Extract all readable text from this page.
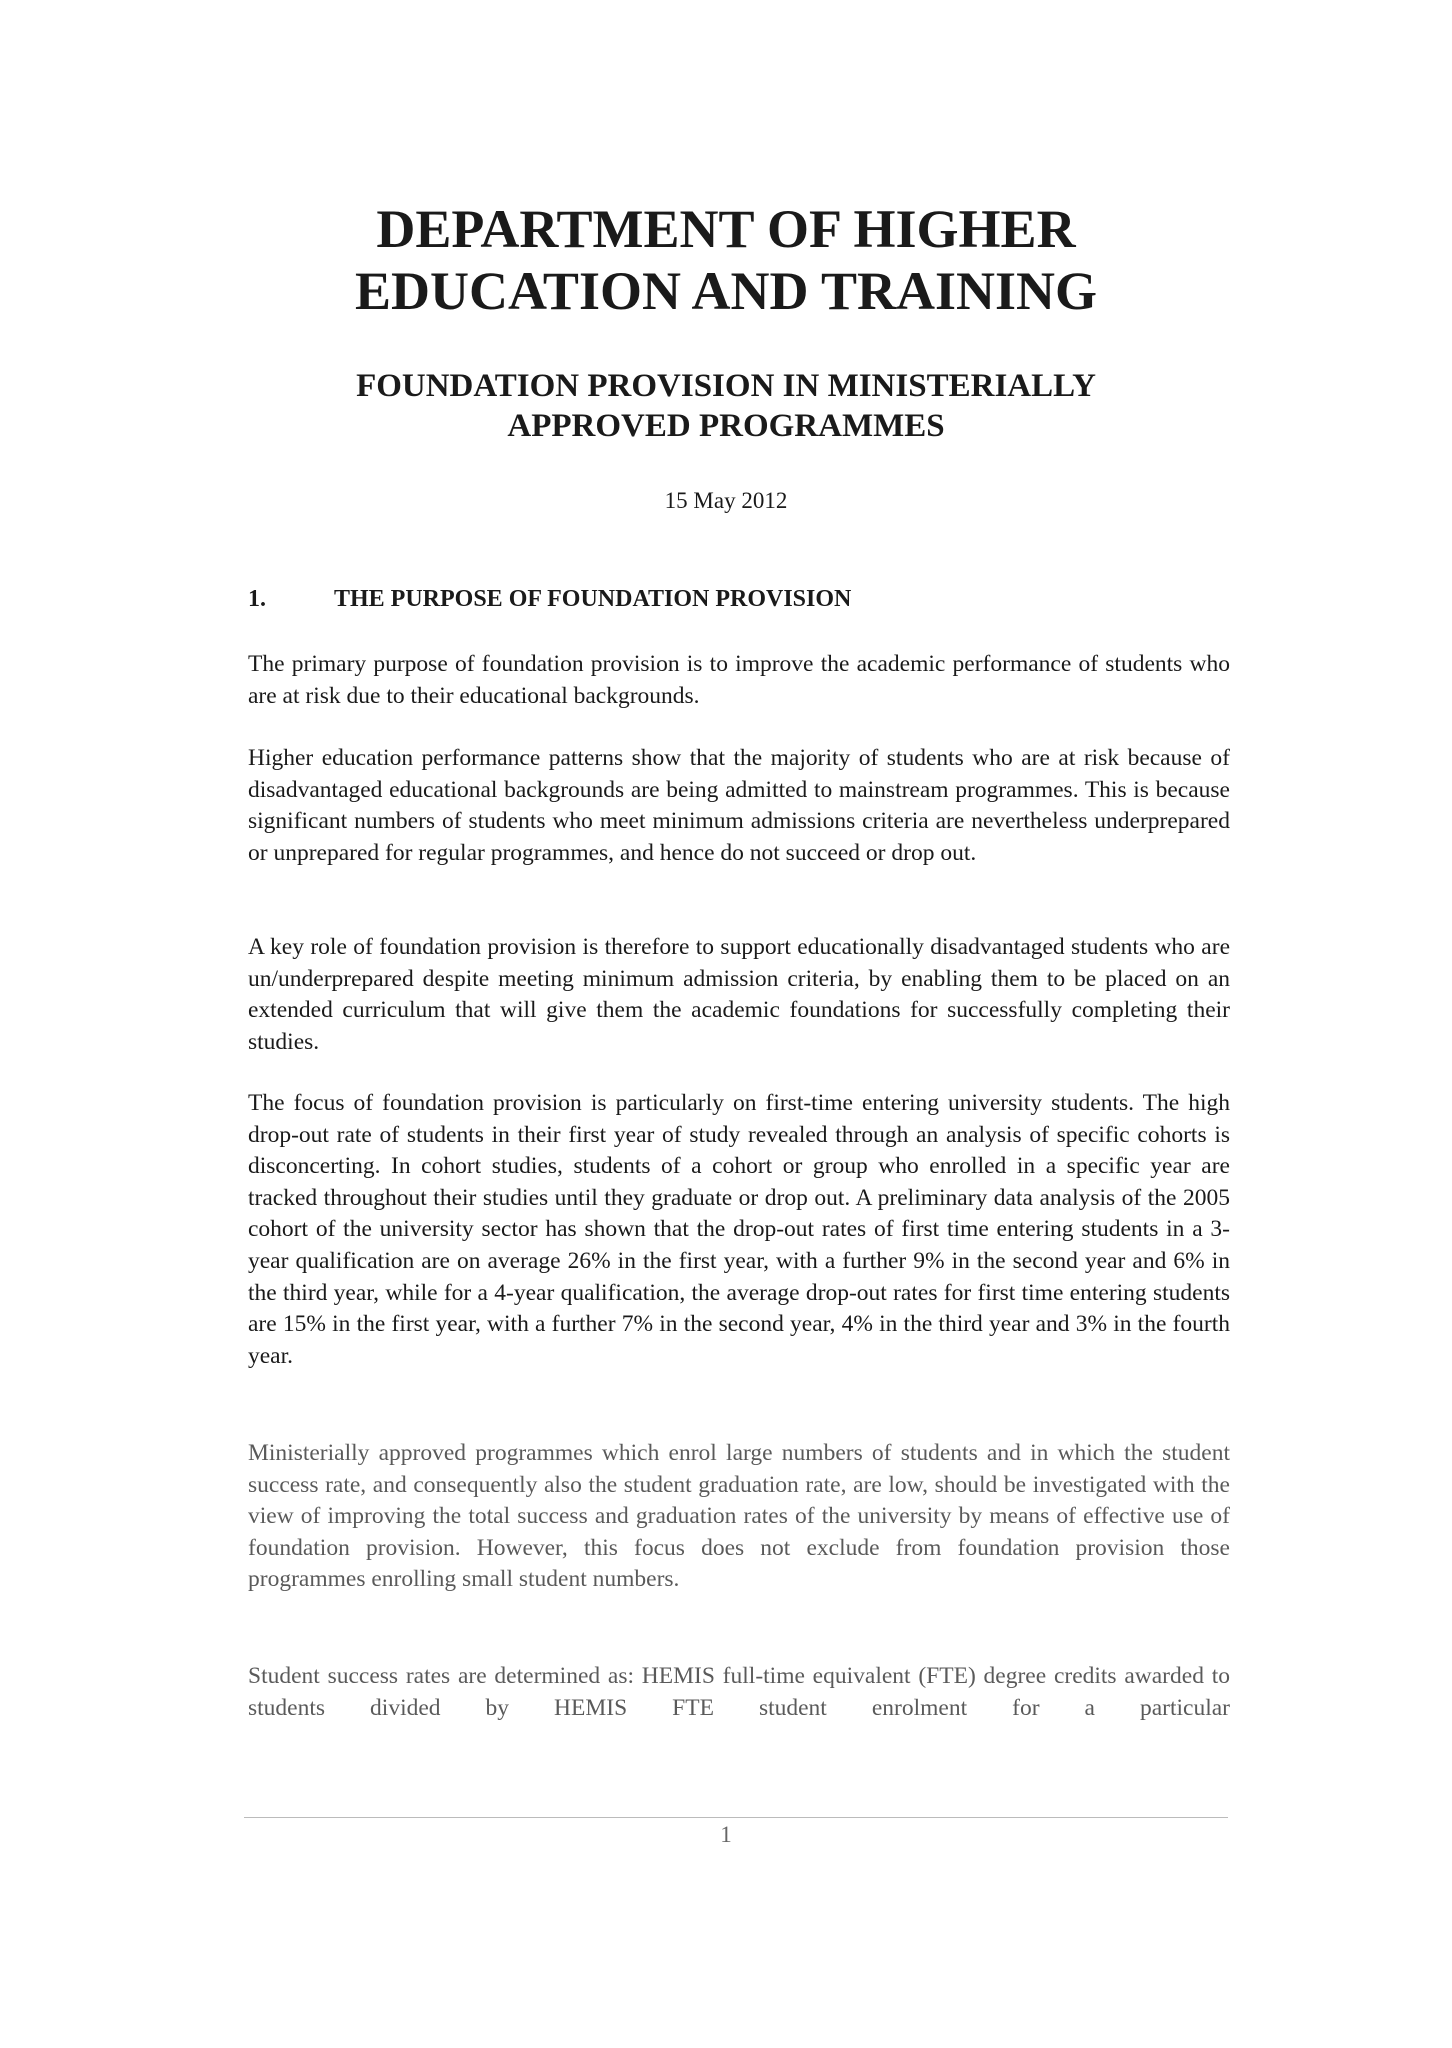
DEPARTMENT OF HIGHER
EDUCATION AND TRAINING
FOUNDATION PROVISION IN MINISTERIALLY
APPROVED PROGRAMMES
15 May 2012
1.	THE PURPOSE OF FOUNDATION PROVISION

The primary purpose of foundation provision is to improve the academic performance of students who are at risk due to their educational backgrounds.

Higher education performance patterns show that the majority of students who are at risk because of disadvantaged educational backgrounds are being admitted to mainstream programmes. This is because significant numbers of students who meet minimum admissions criteria are nevertheless underprepared or unprepared for regular programmes, and hence do not succeed or drop out.

A key role of foundation provision is therefore to support educationally disadvantaged students who are un/underprepared despite meeting minimum admission criteria, by enabling them to be placed on an extended curriculum that will give them the academic foundations for successfully completing their studies.

The focus of foundation provision is particularly on first-time entering university students. The high drop-out rate of students in their first year of study revealed through an analysis of specific cohorts is disconcerting. In cohort studies, students of a cohort or group who enrolled in a specific year are tracked throughout their studies until they graduate or drop out. A preliminary data analysis of the 2005 cohort of the university sector has shown that the drop-out rates of first time entering students in a 3-year qualification are on average 26% in the first year, with a further 9% in the second year and 6% in the third year, while for a 4-year qualification, the average drop-out rates for first time entering students are 15% in the first year, with a further 7% in the second year, 4% in the third year and 3% in the fourth year.

Ministerially approved programmes which enrol large numbers of students and in which the student success rate, and consequently also the student graduation rate, are low, should be investigated with the view of improving the total success and graduation rates of the university by means of effective use of foundation provision. However, this focus does not exclude from foundation provision those programmes enrolling small student numbers.

Student success rates are determined as: HEMIS full-time equivalent (FTE) degree credits awarded to students divided by HEMIS FTE student enrolment for a particular

1
